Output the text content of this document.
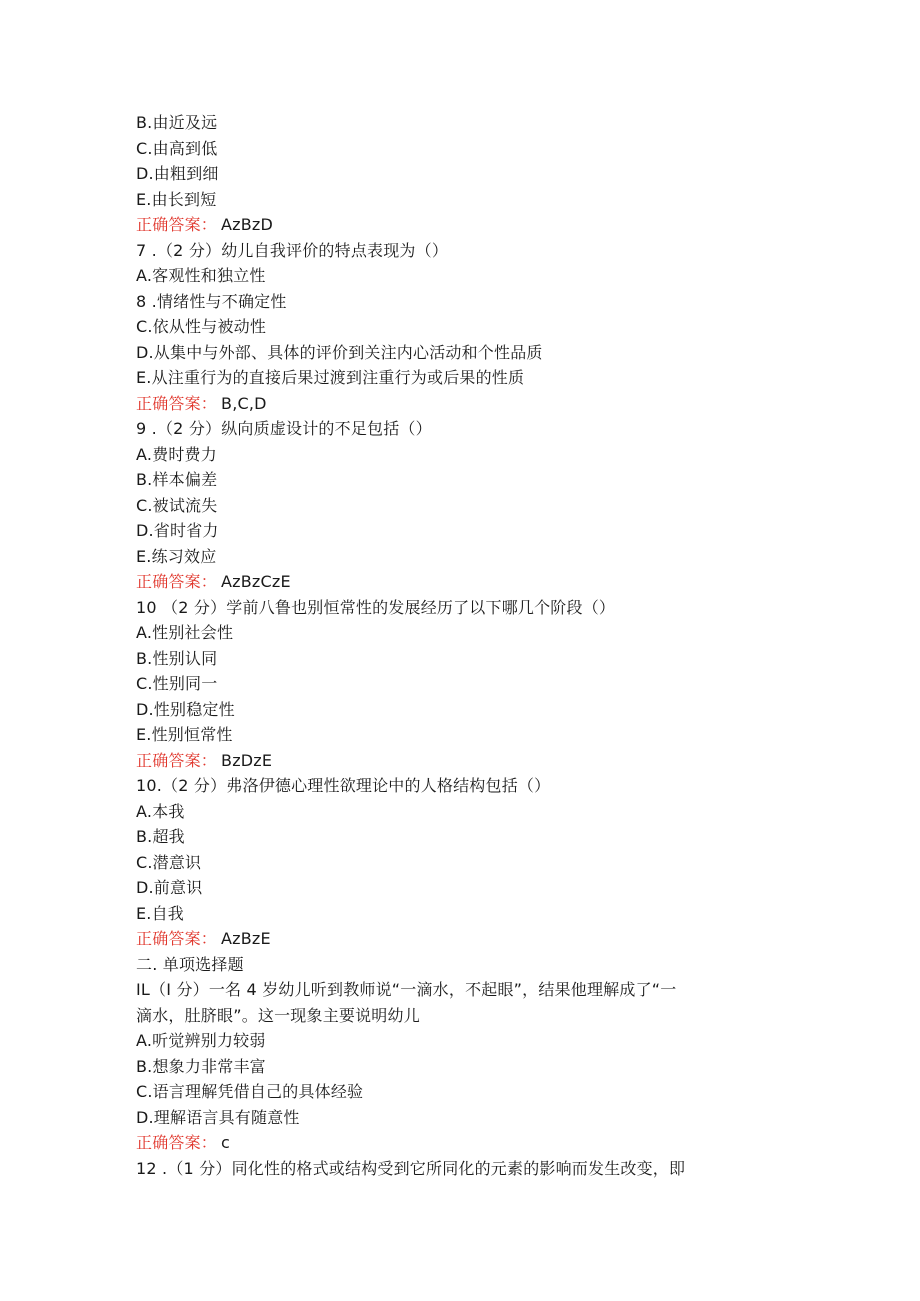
B.由近及远
C.由高到低
D.由粗到细
E.由长到短
正确答案： AzBzD
7 .（2 分）幼儿自我评价的特点表现为（）
A.客观性和独立性
8 .情绪性与不确定性
C.依从性与被动性
D.从集中与外部、具体的评价到关注内心活动和个性品质
E.从注重行为的直接后果过渡到注重行为或后果的性质
正确答案： B,C,D
9 .（2 分）纵向质虚设计的不足包括（）
A.费时费力
B.样本偏差
C.被试流失
D.省时省力
E.练习效应
正确答案： AzBzCzE
10 （2 分）学前八鲁也别恒常性的发展经历了以下哪几个阶段（）
A.性别社会性
B.性别认同
C.性别同一
D.性别稳定性
E.性别恒常性
正确答案： BzDzE
10.（2 分）弗洛伊德心理性欲理论中的人格结构包括（）
A.本我
B.超我
C.潜意识
D.前意识
E.自我
正确答案： AzBzE
二. 单项选择题
IL（I 分）一名 4 岁幼儿听到教师说“一滴水，不起眼”，结果他理解成了“一
滴水，肚脐眼”。这一现象主要说明幼儿
A.听觉辨别力较弱
B.想象力非常丰富
C.语言理解凭借自己的具体经验
D.理解语言具有随意性
正确答案： c
12 .（1 分）同化性的格式或结构受到它所同化的元素的影响而发生改变，即
